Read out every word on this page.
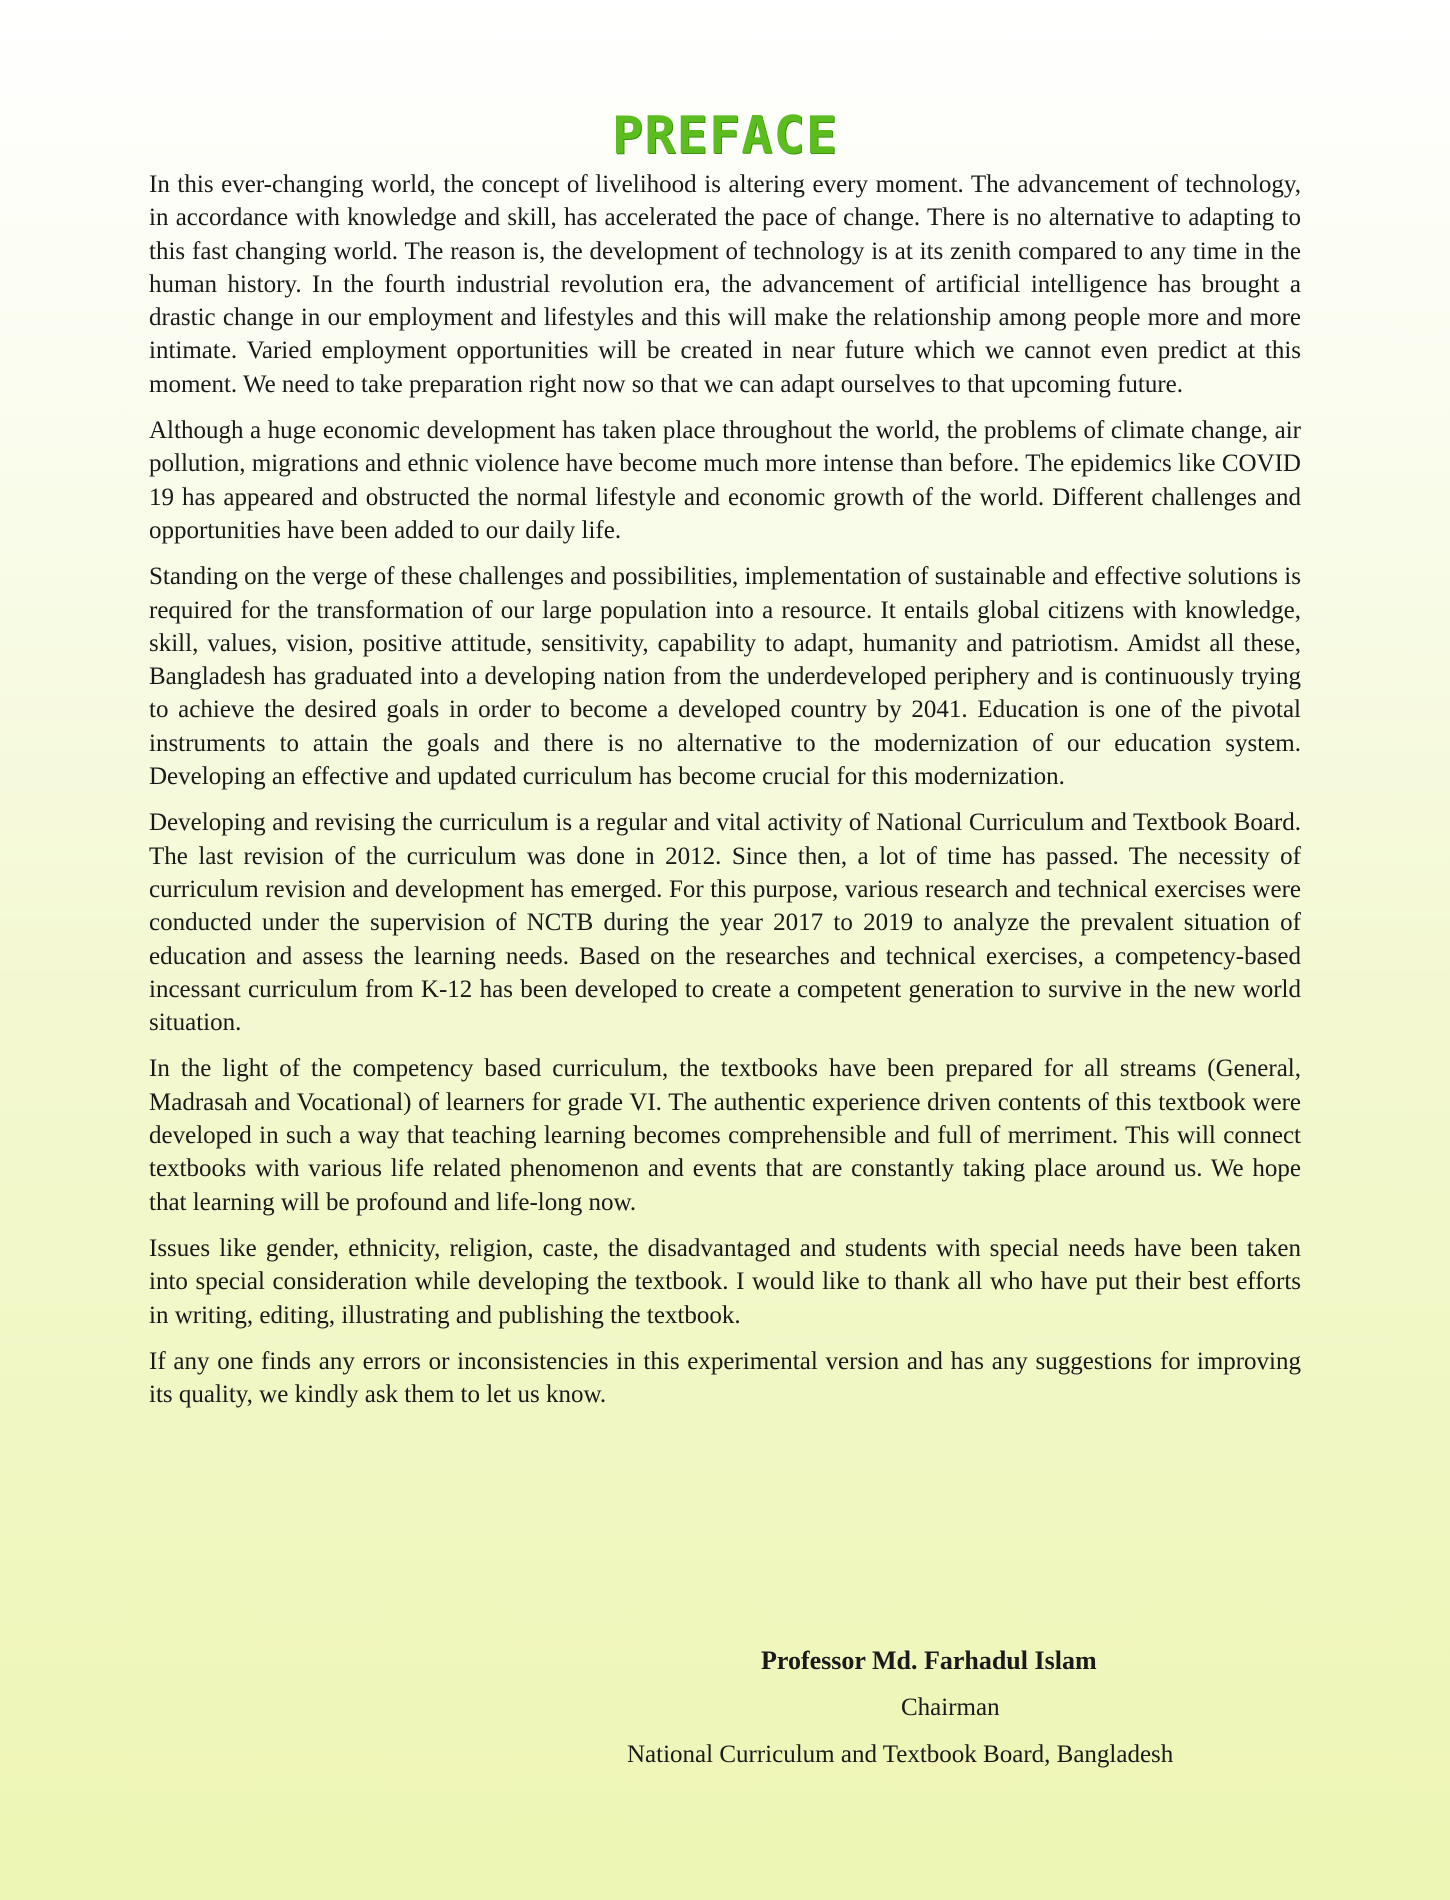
PREFACE

In this ever-changing world, the concept of livelihood is altering every moment. The advancement of technology, in accordance with knowledge and skill, has accelerated the pace of change. There is no alternative to adapting to this fast changing world. The reason is, the development of technology is at its zenith compared to any time in the human history. In the fourth industrial revolution era, the advancement of artificial intelligence has brought a drastic change in our employment and lifestyles and this will make the relationship among people more and more intimate. Varied employment opportunities will be created in near future which we cannot even predict at this moment. We need to take preparation right now so that we can adapt ourselves to that upcoming future.

Although a huge economic development has taken place throughout the world, the problems of climate change, air pollution, migrations and ethnic violence have become much more intense than before. The epidemics like COVID 19 has appeared and obstructed the normal lifestyle and economic growth of the world. Different challenges and opportunities have been added to our daily life.

Standing on the verge of these challenges and possibilities, implementation of sustainable and effective solutions is required for the transformation of our large population into a resource. It entails global citizens with knowledge, skill, values, vision, positive attitude, sensitivity, capability to adapt, humanity and patriotism. Amidst all these, Bangladesh has graduated into a developing nation from the underdeveloped periphery and is continuously trying to achieve the desired goals in order to become a developed country by 2041. Education is one of the pivotal instruments to attain the goals and there is no alternative to the modernization of our education system. Developing an effective and updated curriculum has become crucial for this modernization.

Developing and revising the curriculum is a regular and vital activity of National Curriculum and Textbook Board. The last revision of the curriculum was done in 2012. Since then, a lot of time has passed. The necessity of curriculum revision and development has emerged. For this purpose, various research and technical exercises were conducted under the supervision of NCTB during the year 2017 to 2019 to analyze the prevalent situation of education and assess the learning needs. Based on the researches and technical exercises, a competency-based incessant curriculum from K-12 has been developed to create a competent generation to survive in the new world situation.

In the light of the competency based curriculum, the textbooks have been prepared for all streams (General, Madrasah and Vocational) of learners for grade VI. The authentic experience driven contents of this textbook were developed in such a way that teaching learning becomes comprehensible and full of merriment. This will connect textbooks with various life related phenomenon and events that are constantly taking place around us. We hope that learning will be profound and life-long now.

Issues like gender, ethnicity, religion, caste, the disadvantaged and students with special needs have been taken into special consideration while developing the textbook. I would like to thank all who have put their best efforts in writing, editing, illustrating and publishing the textbook.

If any one finds any errors or inconsistencies in this experimental version and has any suggestions for improving its quality, we kindly ask them to let us know.

Professor Md. Farhadul Islam
Chairman
National Curriculum and Textbook Board, Bangladesh
